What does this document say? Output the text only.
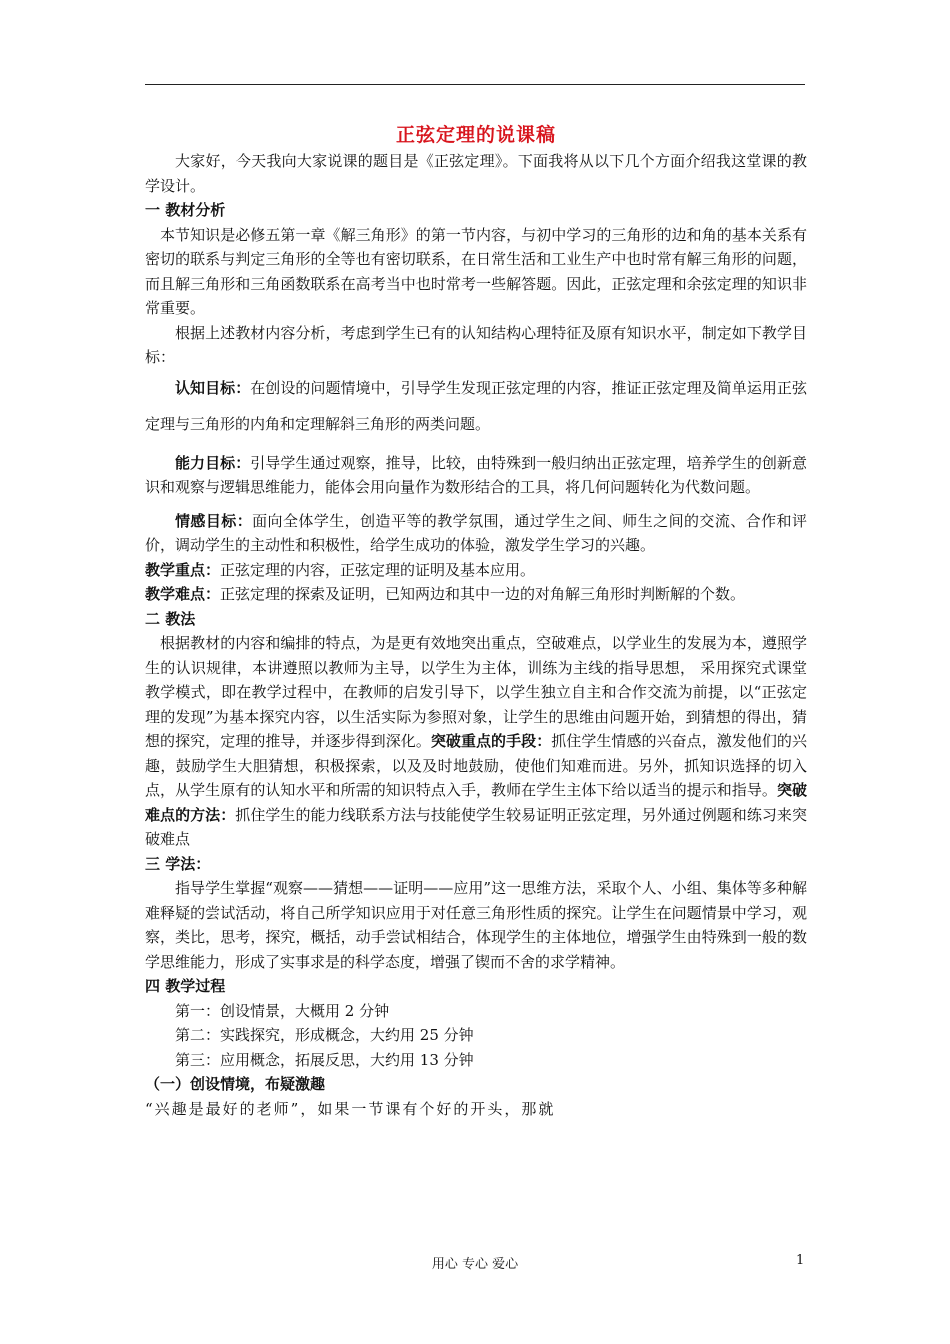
正弦定理的说课稿

大家好，今天我向大家说课的题目是《正弦定理》。下面我将从以下几个方面介绍我这堂课的教学设计。

一 教材分析

本节知识是必修五第一章《解三角形》的第一节内容，与初中学习的三角形的边和角的基本关系有密切的联系与判定三角形的全等也有密切联系，在日常生活和工业生产中也时常有解三角形的问题，而且解三角形和三角函数联系在高考当中也时常考一些解答题。因此，正弦定理和余弦定理的知识非常重要。

根据上述教材内容分析，考虑到学生已有的认知结构心理特征及原有知识水平，制定如下教学目标：

认知目标：在创设的问题情境中，引导学生发现正弦定理的内容，推证正弦定理及简单运用正弦定理与三角形的内角和定理解斜三角形的两类问题。

能力目标：引导学生通过观察，推导，比较，由特殊到一般归纳出正弦定理，培养学生的创新意识和观察与逻辑思维能力，能体会用向量作为数形结合的工具，将几何问题转化为代数问题。

情感目标：面向全体学生，创造平等的教学氛围，通过学生之间、师生之间的交流、合作和评价，调动学生的主动性和积极性，给学生成功的体验，激发学生学习的兴趣。

教学重点：正弦定理的内容，正弦定理的证明及基本应用。

教学难点：正弦定理的探索及证明，已知两边和其中一边的对角解三角形时判断解的个数。

二 教法

根据教材的内容和编排的特点，为是更有效地突出重点，空破难点，以学业生的发展为本，遵照学生的认识规律，本讲遵照以教师为主导，以学生为主体，训练为主线的指导思想， 采用探究式课堂教学模式，即在教学过程中，在教师的启发引导下，以学生独立自主和合作交流为前提，以“正弦定理的发现”为基本探究内容，以生活实际为参照对象，让学生的思维由问题开始，到猜想的得出，猜想的探究，定理的推导，并逐步得到深化。突破重点的手段：抓住学生情感的兴奋点，激发他们的兴趣，鼓励学生大胆猜想，积极探索，以及及时地鼓励，使他们知难而进。另外，抓知识选择的切入点，从学生原有的认知水平和所需的知识特点入手，教师在学生主体下给以适当的提示和指导。突破难点的方法：抓住学生的能力线联系方法与技能使学生较易证明正弦定理，另外通过例题和练习来突破难点

三 学法：

指导学生掌握“观察——猜想——证明——应用”这一思维方法，采取个人、小组、集体等多种解难释疑的尝试活动，将自己所学知识应用于对任意三角形性质的探究。让学生在问题情景中学习，观察，类比，思考，探究，概括，动手尝试相结合，体现学生的主体地位，增强学生由特殊到一般的数学思维能力，形成了实事求是的科学态度，增强了锲而不舍的求学精神。

四 教学过程

第一：创设情景，大概用 2 分钟

第二：实践探究，形成概念，大约用 25 分钟

第三：应用概念，拓展反思，大约用 13 分钟

（一）创设情境，布疑激趣

“兴趣是最好的老师”，如果一节课有个好的开头，那就

用心 专心 爱心	1
